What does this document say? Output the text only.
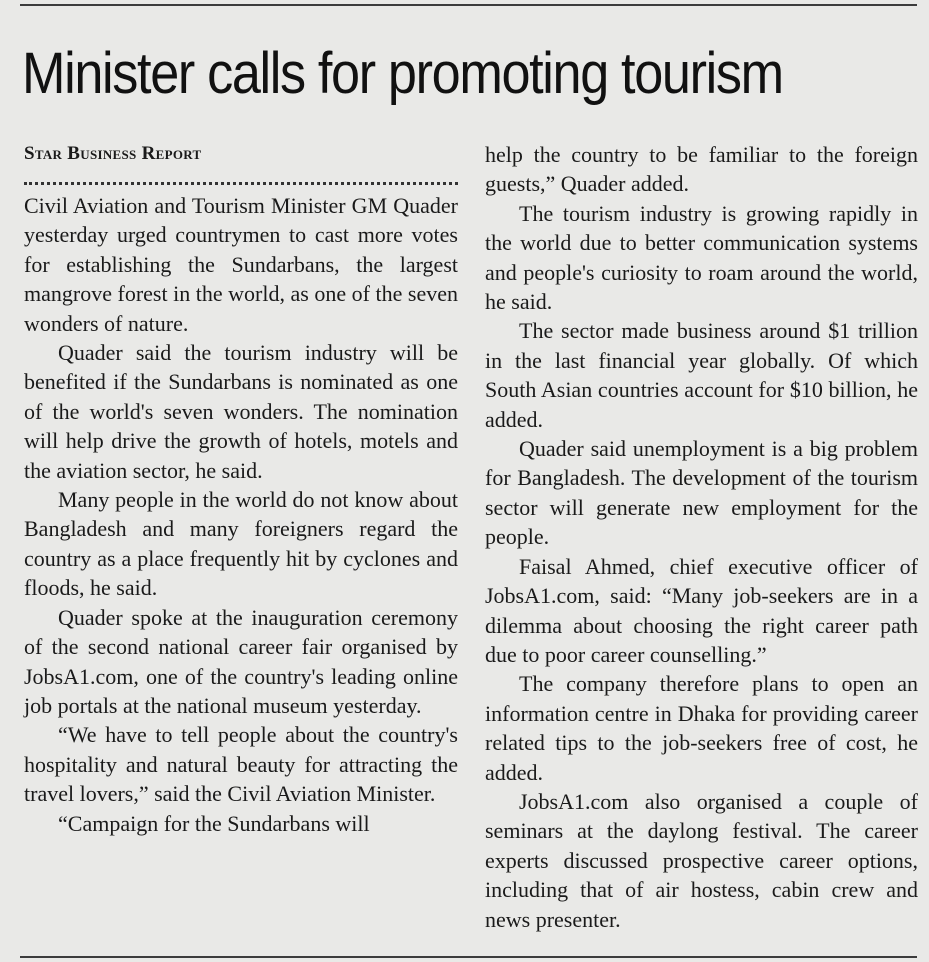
Minister calls for promoting tourism

Star Business Report

Civil Aviation and Tourism Minister GM Quader yesterday urged countrymen to cast more votes for establishing the Sundarbans, the largest mangrove forest in the world, as one of the seven wonders of nature.

Quader said the tourism industry will be benefited if the Sundarbans is nominated as one of the world's seven wonders. The nomination will help drive the growth of hotels, motels and the aviation sector, he said.

Many people in the world do not know about Bangladesh and many foreigners regard the country as a place frequently hit by cyclones and floods, he said.

Quader spoke at the inauguration ceremony of the second national career fair organised by JobsA1.com, one of the country's leading online job portals at the national museum yesterday.

“We have to tell people about the country's hospitality and natural beauty for attracting the travel lovers,” said the Civil Aviation Minister.

“Campaign for the Sundarbans will

help the country to be familiar to the foreign guests,” Quader added.

The tourism industry is growing rapidly in the world due to better communication systems and people's curiosity to roam around the world, he said.

The sector made business around $1 trillion in the last financial year globally. Of which South Asian countries account for $10 billion, he added.

Quader said unemployment is a big problem for Bangladesh. The development of the tourism sector will generate new employment for the people.

Faisal Ahmed, chief executive officer of JobsA1.com, said: “Many job-seekers are in a dilemma about choosing the right career path due to poor career counselling.”

The company therefore plans to open an information centre in Dhaka for providing career related tips to the job-seekers free of cost, he added.

JobsA1.com also organised a couple of seminars at the daylong festival. The career experts discussed prospective career options, including that of air hostess, cabin crew and news presenter.
